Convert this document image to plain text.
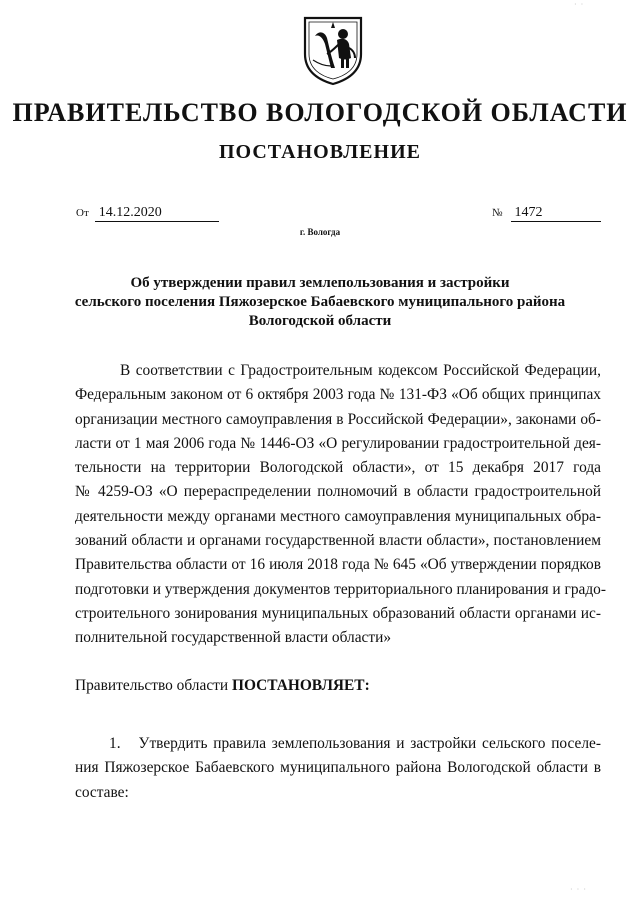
ПРАВИТЕЛЬСТВО ВОЛОГОДСКОЙ ОБЛАСТИ
ПОСТАНОВЛЕНИЕ
От 14.12.2020	№ 1472
г. Вологда
Об утверждении правил землепользования и застройки
сельского поселения Пяжозерское Бабаевского муниципального района
Вологодской области
В соответствии с Градостроительным кодексом Российской Федерации,
Федеральным законом от 6 октября 2003 года № 131-ФЗ «Об общих принципах
организации местного самоуправления в Российской Федерации», законами об-
ласти от 1 мая 2006 года № 1446-ОЗ «О регулировании градостроительной дея-
тельности на территории Вологодской области», от 15 декабря 2017 года
№ 4259-ОЗ «О перераспределении полномочий в области градостроительной
деятельности между органами местного самоуправления муниципальных обра-
зований области и органами государственной власти области», постановлением
Правительства области от 16 июля 2018 года № 645 «Об утверждении порядков
подготовки и утверждения документов территориального планирования и градо-
строительного зонирования муниципальных образований области органами ис-
полнительной государственной власти области»
Правительство области ПОСТАНОВЛЯЕТ:
1. Утвердить правила землепользования и застройки сельского поселе-
ния Пяжозерское Бабаевского муниципального района Вологодской области в
составе:
· ·
· · ·
